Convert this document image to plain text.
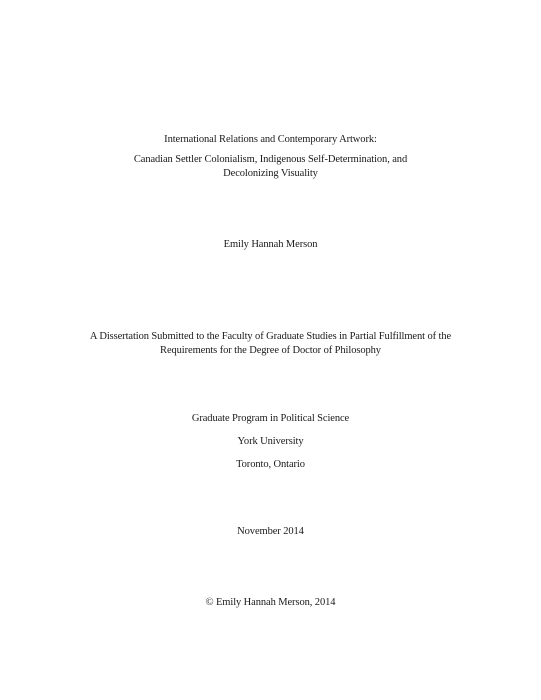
International Relations and Contemporary Artwork:
Canadian Settler Colonialism, Indigenous Self-Determination, and
Decolonizing Visuality
Emily Hannah Merson
A Dissertation Submitted to the Faculty of Graduate Studies in Partial Fulfillment of the
Requirements for the Degree of Doctor of Philosophy
Graduate Program in Political Science
York University
Toronto, Ontario
November 2014
© Emily Hannah Merson, 2014
